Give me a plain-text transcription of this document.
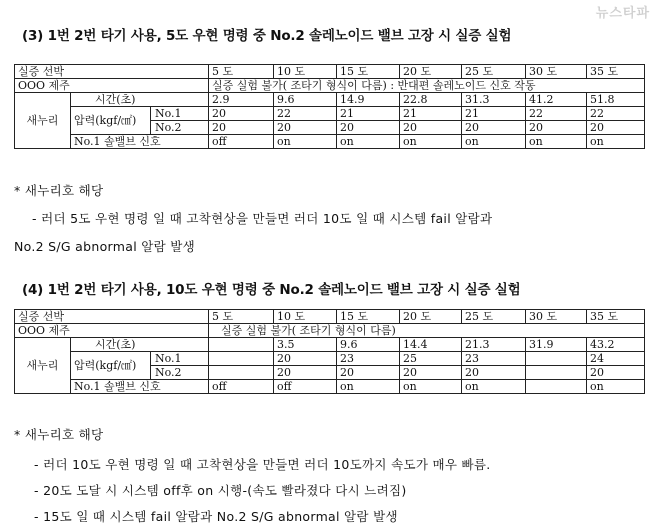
뉴스타파
(3) 1번 2번 타기 사용, 5도 우현 명령 중 No.2 솔레노이드 밸브 고장 시 실증 실험
실증 선박			5 도	10 도	15 도	20 도	25 도	30 도	35 도
OOO 제주			실증 실험 불가( 조타기 형식이 다름) : 반대편 솔레노이드 신호 작동						
새누리	시간(초)		2.9	9.6	14.9	22.8	31.3	41.2	51.8
	압력(kgf/㎠)	No.1	20	22	21	21	21	22	22
		No.2	20	20	20	20	20	20	20
	No.1 솔밸브 신호		off	on	on	on	on	on	on
* 새누리호 해당
- 러더 5도 우현 명령 일 때 고착현상을 만들면 러더 10도 일 때 시스템 fail 알람과
No.2 S/G abnormal 알람 발생
(4) 1번 2번 타기 사용, 10도 우현 명령 중 No.2 솔레노이드 밸브 고장 시 실증 실험
실증 선박			5 도	10 도	15 도	20 도	25 도	30 도	35 도
OOO 제주			실증 실험 불가( 조타기 형식이 다름)						
새누리	시간(초)			3.5	9.6	14.4	21.3	31.9	43.2
	압력(kgf/㎠)	No.1		20	23	25	23		24
		No.2		20	20	20	20		20
	No.1 솔밸브 신호		off	off	on	on	on		on
* 새누리호 해당
- 러더 10도 우현 명령 일 때 고착현상을 만들면 러더 10도까지 속도가 매우 빠름.
- 20도 도달 시 시스템 off후 on 시행-(속도 빨라졌다 다시 느려짐)
- 15도 일 때 시스템 fail 알람과 No.2 S/G abnormal 알람 발생
